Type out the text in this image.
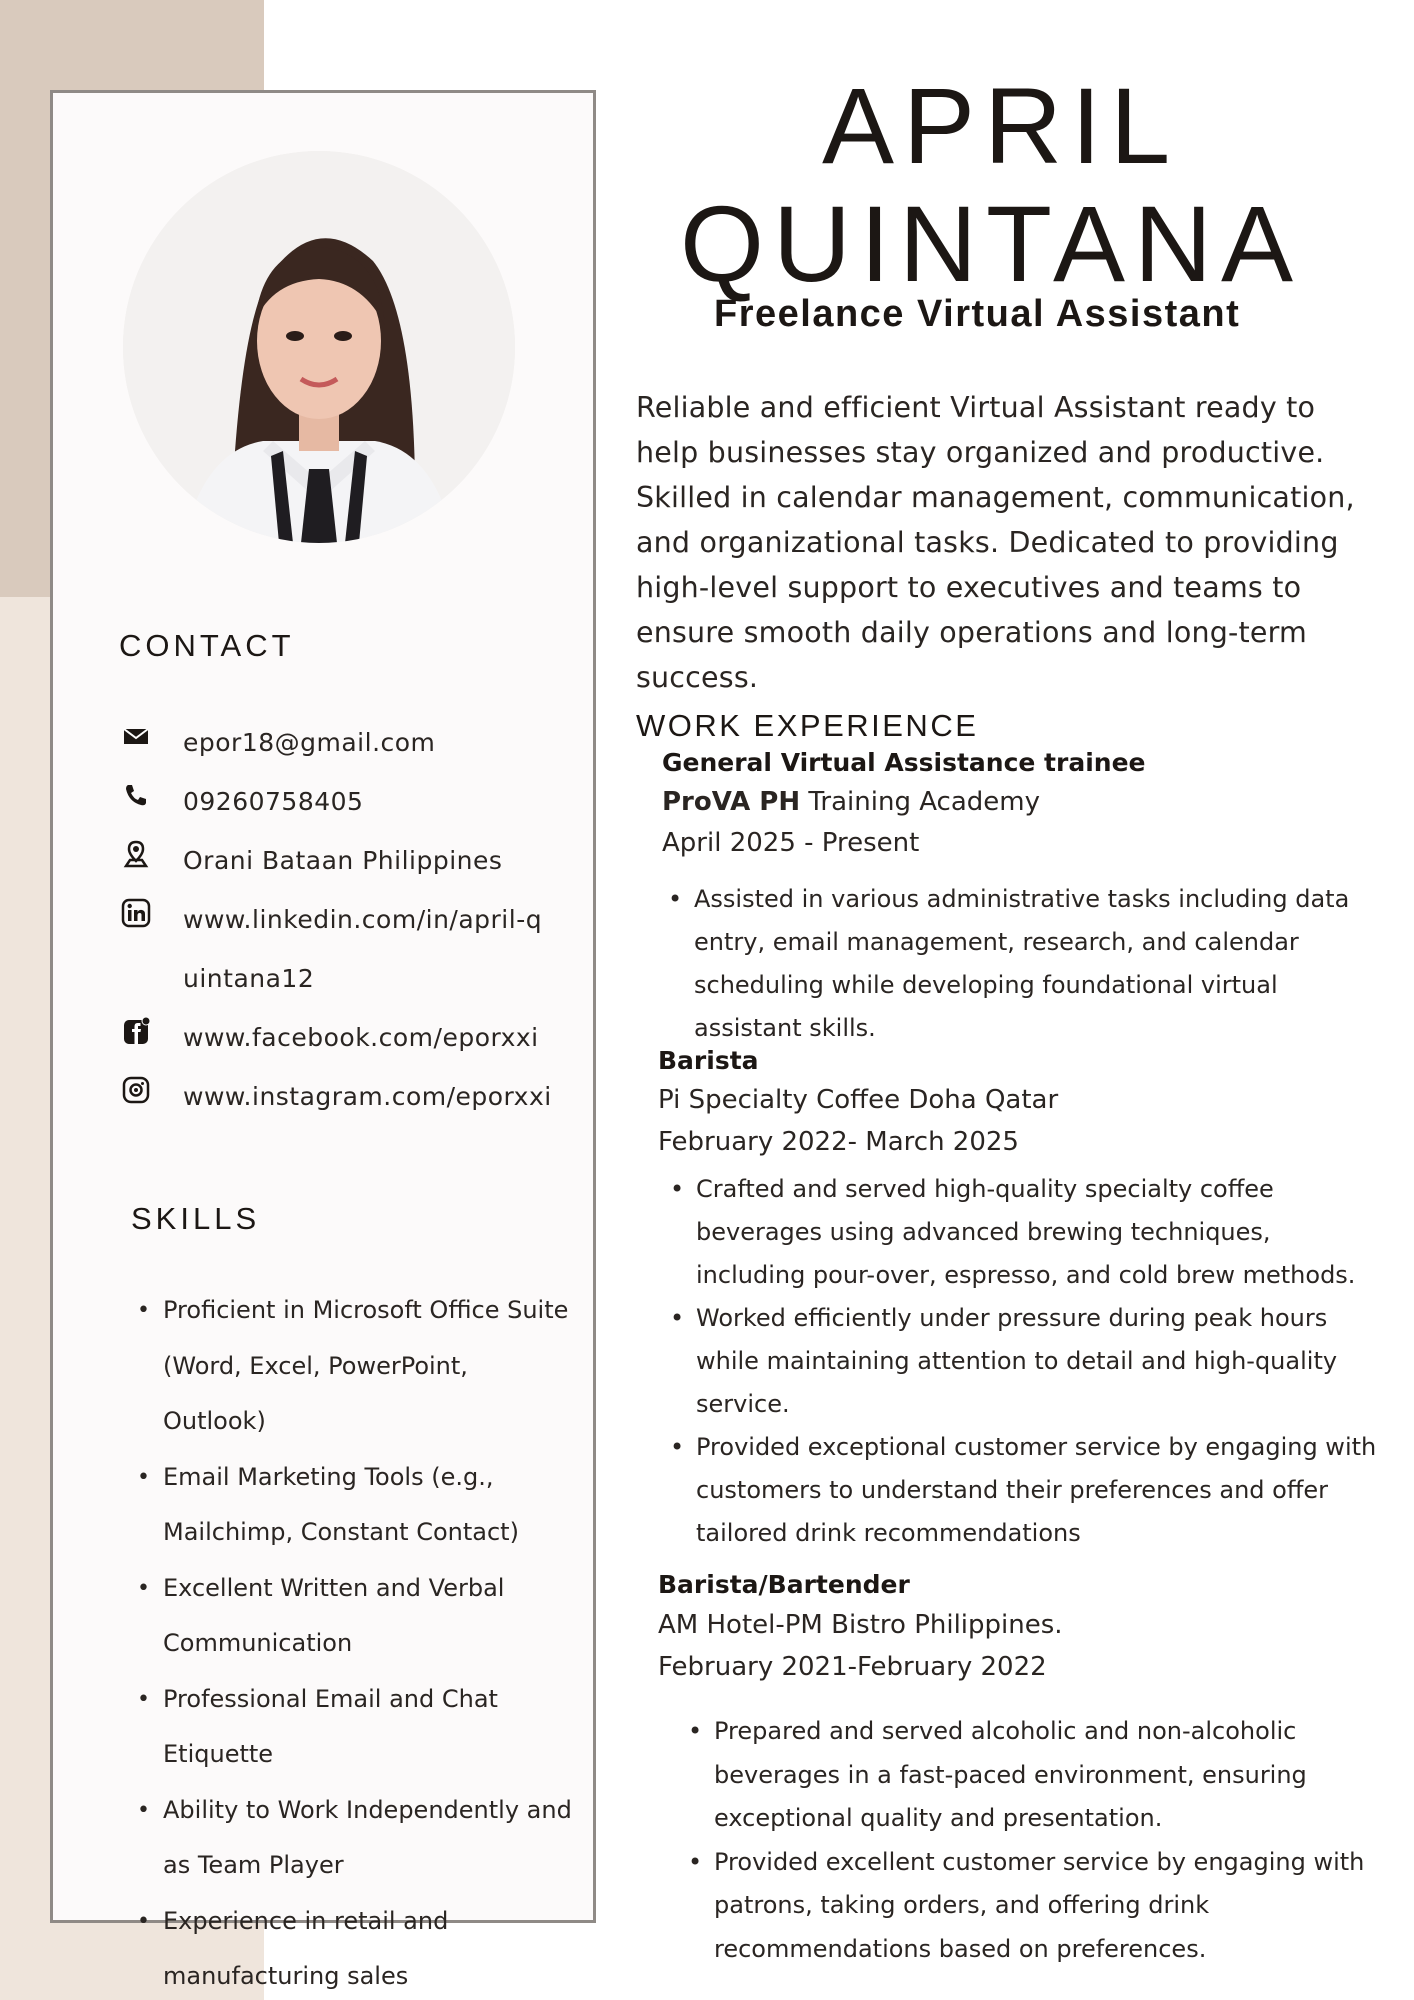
CONTACT
epor18@gmail.com
09260758405
Orani Bataan Philippines
www.linkedin.com/in/april-quintana12
www.facebook.com/eporxxi
www.instagram.com/eporxxi
SKILLS
• Proficient in Microsoft Office Suite (Word, Excel, PowerPoint, Outlook)
• Email Marketing Tools (e.g., Mailchimp, Constant Contact)
• Excellent Written and Verbal Communication
• Professional Email and Chat Etiquette
• Ability to Work Independently and as Team Player
• Experience in retail and manufacturing sales
APRIL
QUINTANA
Freelance Virtual Assistant

Reliable and efficient Virtual Assistant ready to help businesses stay organized and productive. Skilled in calendar management, communication, and organizational tasks. Dedicated to providing high-level support to executives and teams to ensure smooth daily operations and long-term success.

WORK EXPERIENCE
General Virtual Assistance trainee
ProVA PH Training Academy
April 2025 - Present
• Assisted in various administrative tasks including data entry, email management, research, and calendar scheduling while developing foundational virtual assistant skills.
Barista
Pi Specialty Coffee Doha Qatar
February 2022- March 2025
• Crafted and served high-quality specialty coffee beverages using advanced brewing techniques, including pour-over, espresso, and cold brew methods.
• Worked efficiently under pressure during peak hours while maintaining attention to detail and high-quality service.
• Provided exceptional customer service by engaging with customers to understand their preferences and offer tailored drink recommendations
Barista/Bartender
AM Hotel-PM Bistro Philippines.
February 2021-February 2022
• Prepared and served alcoholic and non-alcoholic beverages in a fast-paced environment, ensuring exceptional quality and presentation.
• Provided excellent customer service by engaging with patrons, taking orders, and offering drink recommendations based on preferences.
